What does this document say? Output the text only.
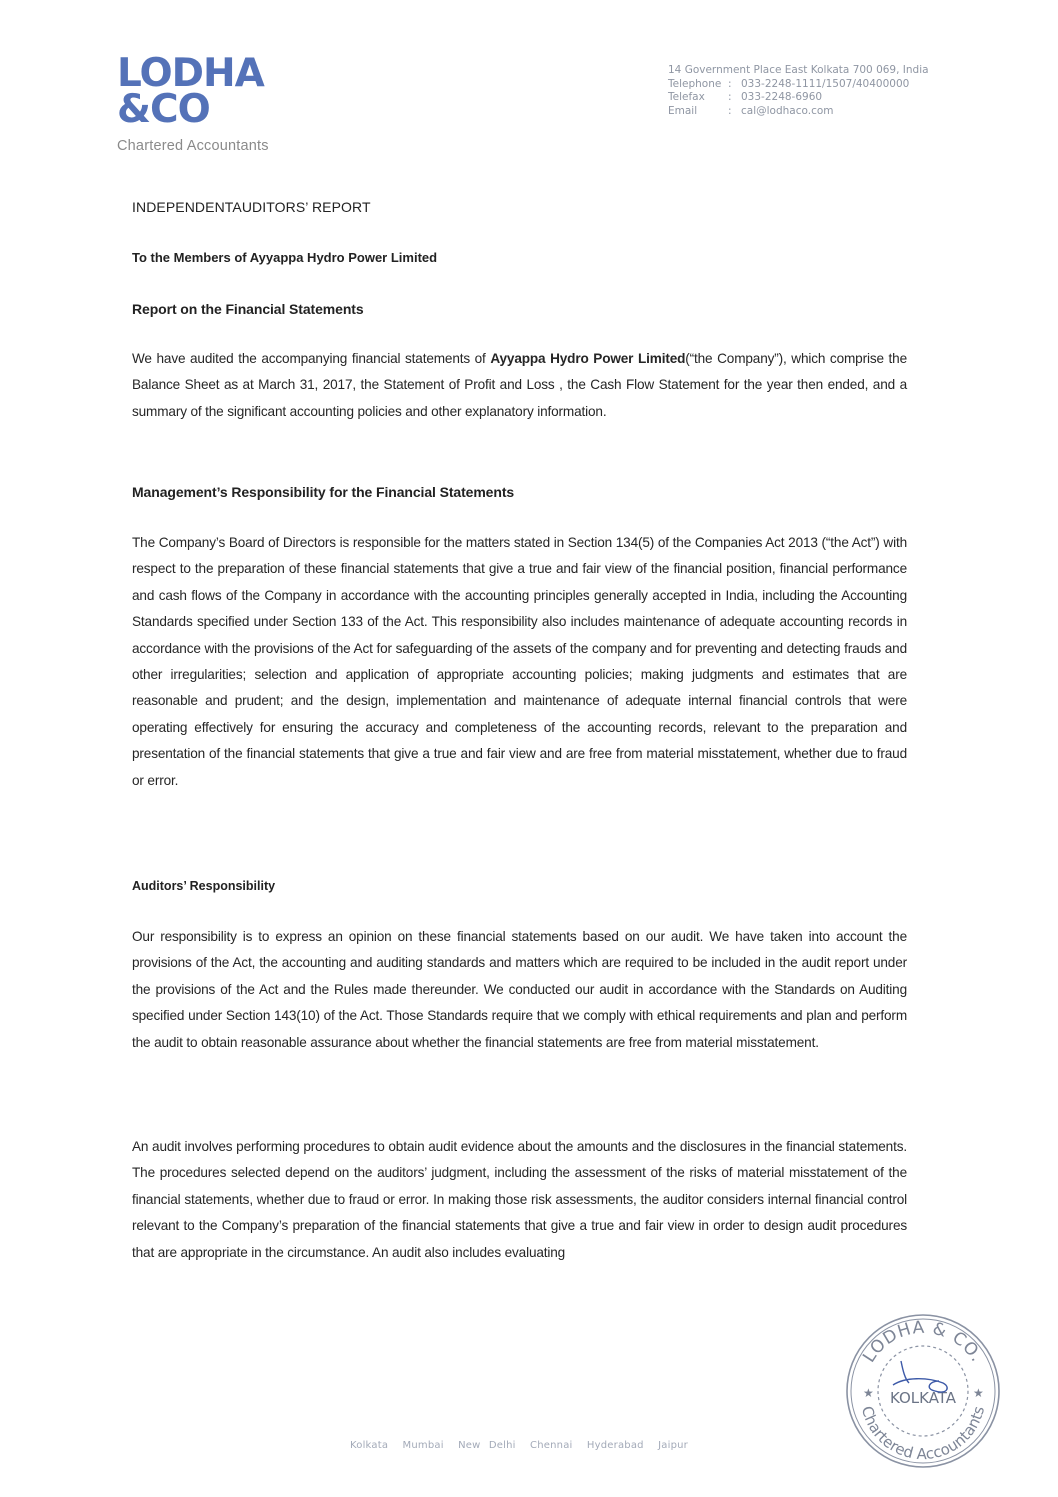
LODHA
&CO
Chartered Accountants
14 Government Place East Kolkata 700 069, India
Telephone : 033-2248-1111/1507/40400000
Telefax	: 033-2248-6960
Email	: cal@lodhaco.com
INDEPENDENTAUDITORS’ REPORT
To the Members of Ayyappa Hydro Power Limited
Report on the Financial Statements
We have audited the accompanying financial statements of Ayyappa Hydro Power Limited(“the Company”), which comprise the Balance Sheet as at March 31, 2017, the Statement of Profit and Loss , the Cash Flow Statement for the year then ended, and a summary of the significant accounting policies and other explanatory information.
Management’s Responsibility for the Financial Statements
The Company’s Board of Directors is responsible for the matters stated in Section 134(5) of the Companies Act 2013 (“the Act”) with respect to the preparation of these financial statements that give a true and fair view of the financial position, financial performance and cash flows of the Company in accordance with the accounting principles generally accepted in India, including the Accounting Standards specified under Section 133 of the Act. This responsibility also includes maintenance of adequate accounting records in accordance with the provisions of the Act for safeguarding of the assets of the company and for preventing and detecting frauds and other irregularities; selection and application of appropriate accounting policies; making judgments and estimates that are reasonable and prudent; and the design, implementation and maintenance of adequate internal financial controls that were operating effectively for ensuring the accuracy and completeness of the accounting records, relevant to the preparation and presentation of the financial statements that give a true and fair view and are free from material misstatement, whether due to fraud or error.
Auditors’ Responsibility
Our responsibility is to express an opinion on these financial statements based on our audit. We have taken into account the provisions of the Act, the accounting and auditing standards and matters which are required to be included in the audit report under the provisions of the Act and the Rules made thereunder. We conducted our audit in accordance with the Standards on Auditing specified under Section 143(10) of the Act. Those Standards require that we comply with ethical requirements and plan and perform the audit to obtain reasonable assurance about whether the financial statements are free from material misstatement.
An audit involves performing procedures to obtain audit evidence about the amounts and the disclosures in the financial statements. The procedures selected depend on the auditors’ judgment, including the assessment of the risks of material misstatement of the financial statements, whether due to fraud or error. In making those risk assessments, the auditor considers internal financial control relevant to the Company’s preparation of the financial statements that give a true and fair view in order to design audit procedures that are appropriate in the circumstance. An audit also includes evaluating
Kolkata Mumbai New Delhi Chennai Hyderabad Jaipur
LODHA & CO.
Chartered Accountants
KOLKATA
★	★
